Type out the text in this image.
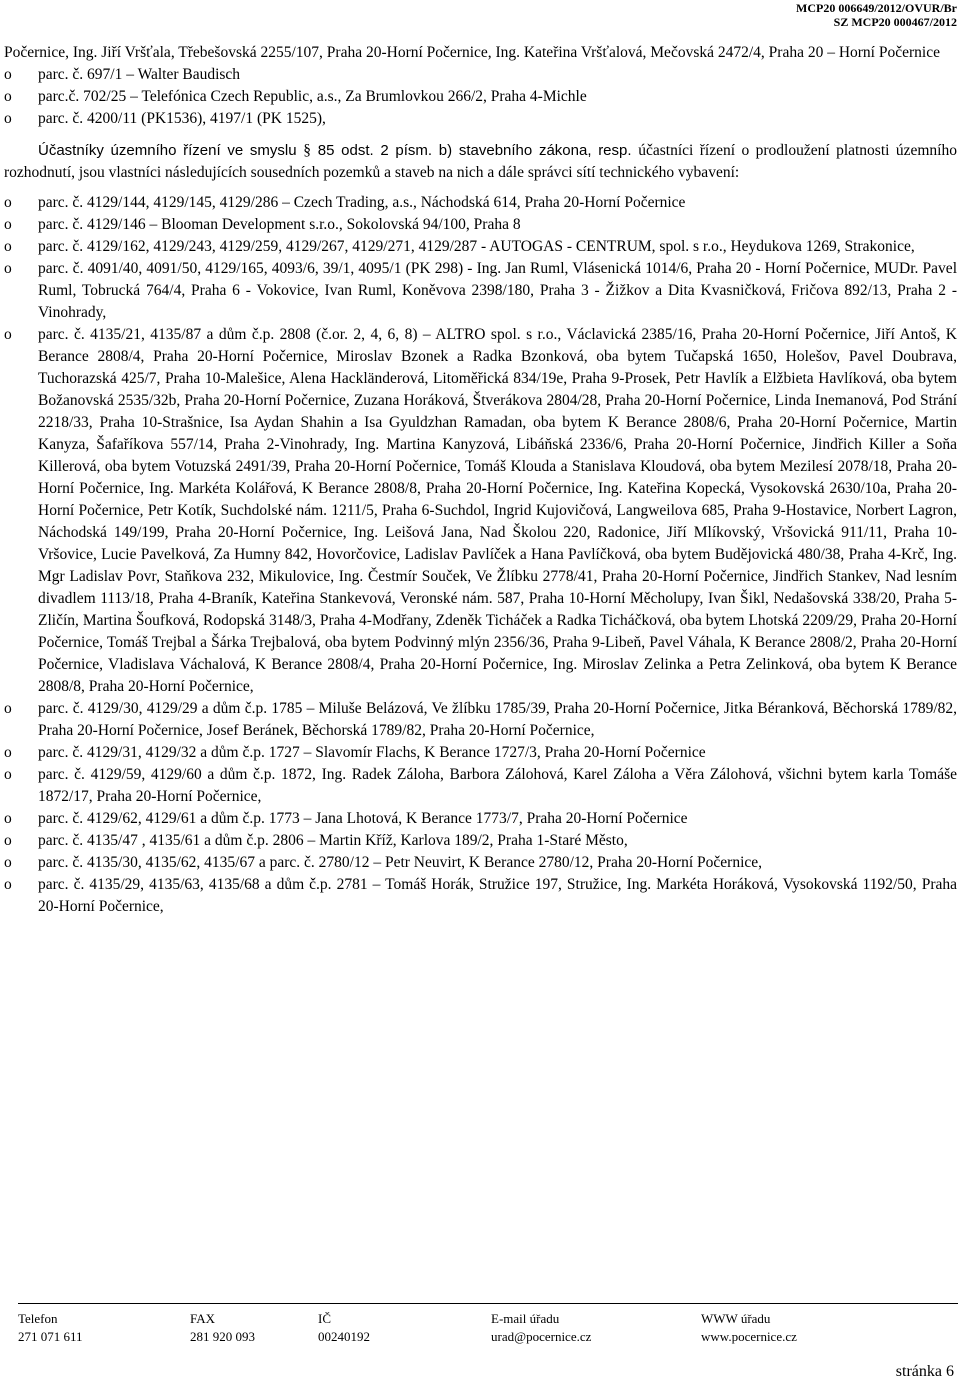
MCP20 006649/2012/OVUR/Br
SZ MCP20 000467/2012

Počernice, Ing. Jiří Vršťala, Třebešovská 2255/107, Praha 20-Horní Počernice, Ing. Kateřina Vršťalová, Mečovská 2472/4, Praha 20 – Horní Počernice

o parc. č. 697/1 – Walter Baudisch
o parc.č. 702/25 – Telefónica Czech Republic, a.s., Za Brumlovkou 266/2, Praha 4-Michle
o parc. č. 4200/11 (PK1536), 4197/1 (PK 1525),

Účastníky územního řízení ve smyslu § 85 odst. 2 písm. b) stavebního zákona, resp. účastníci řízení o prodloužení platnosti územního rozhodnutí, jsou vlastníci následujících sousedních pozemků a staveb na nich a dále správci sítí technického vybavení:

o parc. č. 4129/144, 4129/145, 4129/286 – Czech Trading, a.s., Náchodská 614, Praha 20-Horní Počernice
o parc. č. 4129/146 – Blooman Development s.r.o., Sokolovská 94/100, Praha 8
o parc. č. 4129/162, 4129/243, 4129/259, 4129/267, 4129/271, 4129/287 - AUTOGAS - CENTRUM, spol. s r.o., Heydukova 1269, Strakonice,
o parc. č. 4091/40, 4091/50, 4129/165, 4093/6, 39/1, 4095/1 (PK 298) - Ing. Jan Ruml, Vlásenická 1014/6, Praha 20 - Horní Počernice, MUDr. Pavel Ruml, Tobrucká 764/4, Praha 6 - Vokovice, Ivan Ruml, Koněvova 2398/180, Praha 3 - Žižkov a Dita Kvasničková, Fričova 892/13, Praha 2 - Vinohrady,
o parc. č. 4135/21, 4135/87 a dům č.p. 2808 (č.or. 2, 4, 6, 8) – ALTRO spol. s r.o., Václavická 2385/16, Praha 20-Horní Počernice, Jiří Antoš, K Berance 2808/4, Praha 20-Horní Počernice, Miroslav Bzonek a Radka Bzonková, oba bytem Tučapská 1650, Holešov, Pavel Doubrava, Tuchorazská 425/7, Praha 10-Malešice, Alena Hackländerová, Litoměřická 834/19e, Praha 9-Prosek, Petr Havlík a Elžbieta Havlíková, oba bytem Božanovská 2535/32b, Praha 20-Horní Počernice, Zuzana Horáková, Štverákova 2804/28, Praha 20-Horní Počernice, Linda Inemanová, Pod Strání 2218/33, Praha 10-Strašnice, Isa Aydan Shahin a Isa Gyuldzhan Ramadan, oba bytem K Berance 2808/6, Praha 20-Horní Počernice, Martin Kanyza, Šafaříkova 557/14, Praha 2-Vinohrady, Ing. Martina Kanyzová, Libáňská 2336/6, Praha 20-Horní Počernice, Jindřich Killer a Soňa Killerová, oba bytem Votuzská 2491/39, Praha 20-Horní Počernice, Tomáš Klouda a Stanislava Kloudová, oba bytem Mezilesí 2078/18, Praha 20-Horní Počernice, Ing. Markéta Kolářová, K Berance 2808/8, Praha 20-Horní Počernice, Ing. Kateřina Kopecká, Vysokovská 2630/10a, Praha 20-Horní Počernice, Petr Kotík, Suchdolské nám. 1211/5, Praha 6-Suchdol, Ingrid Kujovičová, Langweilova 685, Praha 9-Hostavice, Norbert Lagron, Náchodská 149/199, Praha 20-Horní Počernice, Ing. Leišová Jana, Nad Školou 220, Radonice, Jiří Mlíkovský, Vršovická 911/11, Praha 10-Vršovice, Lucie Pavelková, Za Humny 842, Hovorčovice, Ladislav Pavlíček a Hana Pavlíčková, oba bytem Budějovická 480/38, Praha 4-Krč, Ing. Mgr Ladislav Povr, Staňkova 232, Mikulovice, Ing. Čestmír Souček, Ve Žlíbku 2778/41, Praha 20-Horní Počernice, Jindřich Stankev, Nad lesním divadlem 1113/18, Praha 4-Braník, Kateřina Stankevová, Veronské nám. 587, Praha 10-Horní Měcholupy, Ivan Šikl, Nedašovská 338/20, Praha 5-Zličín, Martina Šoufková, Rodopská 3148/3, Praha 4-Modřany, Zdeněk Ticháček a Radka Ticháčková, oba bytem Lhotská 2209/29, Praha 20-Horní Počernice, Tomáš Trejbal a Šárka Trejbalová, oba bytem Podvinný mlýn 2356/36, Praha 9-Libeň, Pavel Váhala, K Berance 2808/2, Praha 20-Horní Počernice, Vladislava Váchalová, K Berance 2808/4, Praha 20-Horní Počernice, Ing. Miroslav Zelinka a Petra Zelinková, oba bytem K Berance 2808/8, Praha 20-Horní Počernice,
o parc. č. 4129/30, 4129/29 a dům č.p. 1785 – Miluše Belázová, Ve žlíbku 1785/39, Praha 20-Horní Počernice, Jitka Béranková, Běchorská 1789/82, Praha 20-Horní Počernice, Josef Beránek, Běchorská 1789/82, Praha 20-Horní Počernice,
o parc. č. 4129/31, 4129/32 a dům č.p. 1727 – Slavomír Flachs, K Berance 1727/3, Praha 20-Horní Počernice
o parc. č. 4129/59, 4129/60 a dům č.p. 1872, Ing. Radek Záloha, Barbora Zálohová, Karel Záloha a Věra Zálohová, všichni bytem karla Tomáše 1872/17, Praha 20-Horní Počernice,
o parc. č. 4129/62, 4129/61 a dům č.p. 1773 – Jana Lhotová, K Berance 1773/7, Praha 20-Horní Počernice
o parc. č. 4135/47 , 4135/61 a dům č.p. 2806 – Martin Kříž, Karlova 189/2, Praha 1-Staré Město,
o parc. č. 4135/30, 4135/62, 4135/67 a parc. č. 2780/12 – Petr Neuvirt, K Berance 2780/12, Praha 20-Horní Počernice,
o parc. č. 4135/29, 4135/63, 4135/68 a dům č.p. 2781 – Tomáš Horák, Stružice 197, Stružice, Ing. Markéta Horáková, Vysokovská 1192/50, Praha 20-Horní Počernice,
Telefon	FAX	IČ	E-mail úřadu	WWW úřadu
271 071 611	281 920 093	00240192	urad@pocernice.cz	www.pocernice.cz
stránka 6
